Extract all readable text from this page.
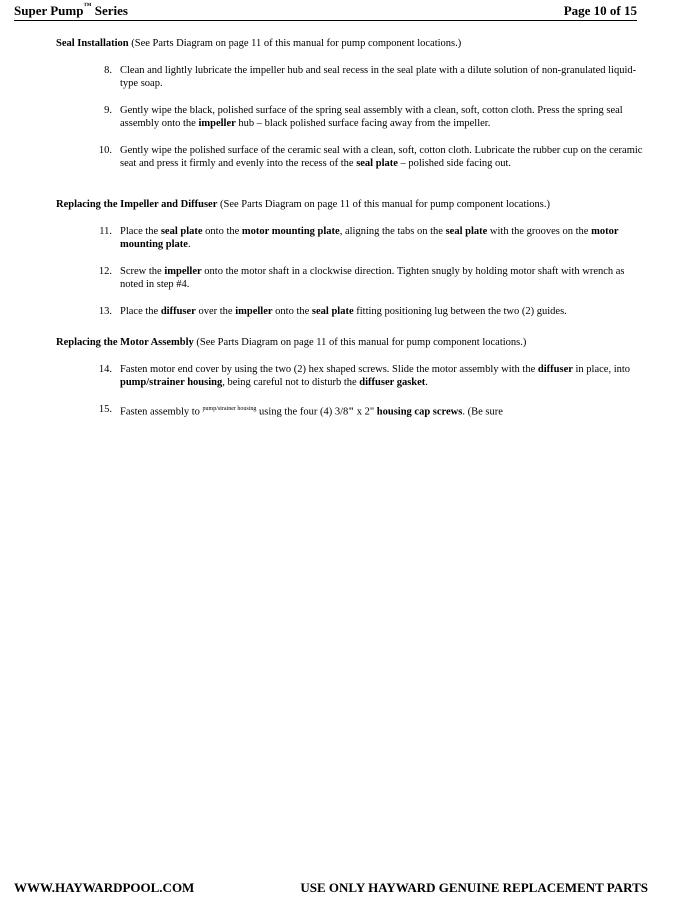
Super Pump™ Series	Page 10 of 15
Seal Installation (See Parts Diagram on page 11 of this manual for pump component locations.)
8. Clean and lightly lubricate the impeller hub and seal recess in the seal plate with a dilute solution of non-granulated liquid-type soap.
9. Gently wipe the black, polished surface of the spring seal assembly with a clean, soft, cotton cloth. Press the spring seal assembly onto the impeller hub – black polished surface facing away from the impeller.
10. Gently wipe the polished surface of the ceramic seal with a clean, soft, cotton cloth. Lubricate the rubber cup on the ceramic seat and press it firmly and evenly into the recess of the seal plate – polished side facing out.
Replacing the Impeller and Diffuser (See Parts Diagram on page 11 of this manual for pump component locations.)
11. Place the seal plate onto the motor mounting plate, aligning the tabs on the seal plate with the grooves on the motor mounting plate.
12. Screw the impeller onto the motor shaft in a clockwise direction. Tighten snugly by holding motor shaft with wrench as noted in step #4.
13. Place the diffuser over the impeller onto the seal plate fitting positioning lug between the two (2) guides.
Replacing the Motor Assembly (See Parts Diagram on page 11 of this manual for pump component locations.)
14. Fasten motor end cover by using the two (2) hex shaped screws. Slide the motor assembly with the diffuser in place, into pump/strainer housing, being careful not to disturb the diffuser gasket.
15. Fasten assembly to $^{pump/strainer housing}$ using the four (4) 3/8" x 2" housing cap screws. (Be sure
WWW.HAYWARDPOOL.COM	USE ONLY HAYWARD GENUINE REPLACEMENT PARTS
